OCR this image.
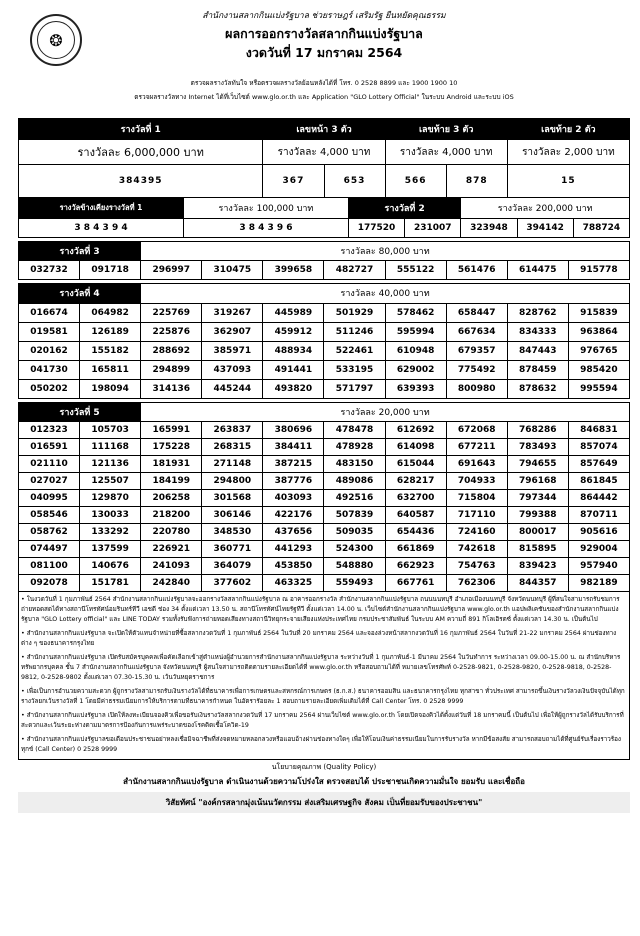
❂
สำนักงานสลากกินแบ่งรัฐบาล ช่วยราษฎร์ เสริมรัฐ ยืนหยัดคุณธรรม
ผลการออกรางวัลสลากกินแบ่งรัฐบาล
งวดวันที่ 17 มกราคม 2564
ตรวจผลรางวัลทันใจ หรือตรวจผลรางวัลย้อนหลังได้ที่ โทร. 0 2528 8899 และ 1900 1900 10
ตรวจผลรางวัลทาง Internet ได้ที่เว็บไซต์ www.glo.or.th และ Application "GLO Lottery Official" ในระบบ Android และระบบ iOS
รางวัลที่ 1	เลขหน้า 3 ตัว		เลขท้าย 3 ตัว		เลขท้าย 2 ตัว
รางวัลละ 6,000,000 บาท	รางวัลละ 4,000 บาท		รางวัลละ 4,000 บาท		รางวัลละ 2,000 บาท
384395	367	653	566	878	15
รางวัลข้างเคียงรางวัลที่ 1	รางวัลละ 100,000 บาท	รางวัลที่ 2		รางวัลละ 200,000 บาท		
3 8 4 3 9 4	3 8 4 3 9 6	177520	231007	323948	394142	788724
รางวัลที่ 3		รางวัลละ 80,000 บาท							
032732	091718	296997	310475	399658	482727	555122	561476	614475	915778
รางวัลที่ 4		รางวัลละ 40,000 บาท							
016674	064982	225769	319267	445989	501929	578462	658447	828762	915839
019581	126189	225876	362907	459912	511246	595994	667634	834333	963864
020162	155182	288692	385971	488934	522461	610948	679357	847443	976765
041730	165811	294899	437093	491441	533195	629002	775492	878459	985420
050202	198094	314136	445244	493820	571797	639393	800980	878632	995594
รางวัลที่ 5		รางวัลละ 20,000 บาท							
012323	105703	165991	263837	380696	478478	612692	672068	768286	846831
016591	111168	175228	268315	384411	478928	614098	677211	783493	857074
021110	121136	181931	271148	387215	483150	615044	691643	794655	857649
027027	125507	184199	294800	387776	489086	628217	704933	796168	861845
040995	129870	206258	301568	403093	492516	632700	715804	797344	864442
058546	130033	218200	306146	422176	507839	640587	717110	799388	870711
058762	133292	220780	348530	437656	509035	654436	724160	800017	905616
074497	137599	226921	360771	441293	524300	661869	742618	815895	929004
081100	140676	241093	364079	453850	548880	662923	754763	839423	957940
092078	151781	242840	377602	463325	559493	667761	762306	844357	982189

• ในงวดวันที่ 1 กุมภาพันธ์ 2564 สำนักงานสลากกินแบ่งรัฐบาลจะออกรางวัลสลากกินแบ่งรัฐบาล ณ อาคารออกรางวัล สำนักงานสลากกินแบ่งรัฐบาล ถนนนนทบุรี อำเภอเมืองนนทบุรี จังหวัดนนทบุรี ผู้ที่สนใจสามารถรับชมการถ่ายทอดสดได้ทางสถานีโทรทัศน์อมรินทร์ทีวี เอชดี ช่อง 34 ตั้งแต่เวลา 13.50 น. สถานีโทรทัศน์ไทยรัฐทีวี ตั้งแต่เวลา 14.00 น. เว็บไซต์สำนักงานสลากกินแบ่งรัฐบาล www.glo.or.th แอปพลิเคชันของสำนักงานสลากกินแบ่งรัฐบาล "GLO Lottery official" และ LINE TODAY รวมทั้งรับฟังการถ่ายทอดเสียงทางสถานีวิทยุกระจายเสียงแห่งประเทศไทย กรมประชาสัมพันธ์ ในระบบ AM ความถี่ 891 กิโลเฮิรตซ์ ตั้งแต่เวลา 14.30 น. เป็นต้นไป

• สำนักงานสลากกินแบ่งรัฐบาล จะเปิดให้ตัวแทนจำหน่ายที่ซื้อสลากงวดวันที่ 1 กุมภาพันธ์ 2564 ในวันที่ 20 มกราคม 2564 และจองล่วงหน้าสลากงวดวันที่ 16 กุมภาพันธ์ 2564 ในวันที่ 21-22 มกราคม 2564 ผ่านช่องทางต่าง ๆ ของธนาคารกรุงไทย

• สำนักงานสลากกินแบ่งรัฐบาล เปิดรับสมัครบุคคลเพื่อคัดเลือกเข้าสู่ตำแหน่งผู้อำนวยการสำนักงานสลากกินแบ่งรัฐบาล ระหว่างวันที่ 1 กุมภาพันธ์-1 มีนาคม 2564 ในวันทำการ ระหว่างเวลา 09.00-15.00 น. ณ สำนักบริหารทรัพยากรบุคคล ชั้น 7 สำนักงานสลากกินแบ่งรัฐบาล จังหวัดนนทบุรี ผู้สนใจสามารถติดตามรายละเอียดได้ที่ www.glo.or.th หรือสอบถามได้ที่ หมายเลขโทรศัพท์ 0-2528-9821, 0-2528-9820, 0-2528-9818, 0-2528-9812, 0-2528-9802 ตั้งแต่เวลา 07.30-15.30 น. เว้นวันหยุดราชการ

• เพื่อเป็นการอำนวยความสะดวก ผู้ถูกรางวัลสามารถรับเงินรางวัลได้ที่ธนาคารเพื่อการเกษตรและสหกรณ์การเกษตร (ธ.ก.ส.) ธนาคารออมสิน และธนาคารกรุงไทย ทุกสาขา ทั่วประเทศ สามารถขึ้นเงินรางวัลวงเงินปัจจุบันได้ทุกรางวัลยกเว้นรางวัลที่ 1 โดยมีค่าธรรมเนียมการให้บริการตามที่ธนาคารกำหนด ในอัตรารัอยละ 1 สอบถามรายละเอียดเพิ่มเติมได้ที่ Call Center โทร. 0 2528 9999

• สำนักงานสลากกินแบ่งรัฐบาล เปิดให้ลงทะเบียนจองคิวเพื่อขอรับเงินรางวัลสลากงวดวันที่ 17 มกราคม 2564 ผ่านเว็บไซต์ www.glo.or.th โดยเปิดจองคิวได้ตั้งแต่วันที่ 18 มกราคมนี้ เป็นต้นไป เพื่อให้ผู้ถูกรางวัลได้รับบริการที่สะดวกและเว้นระยะห่างตามมาตรการป้องกันการแพร่ระบาดของโรคติดเชื้อโควิด-19

• สำนักงานสลากกินแบ่งรัฐบาลขอเตือนประชาชนอย่าหลงเชื่อมิจฉาชีพที่ส่งจดหมายหลอกลวงหรือแอบอ้างผ่านช่องทางใดๆ เพื่อให้โอนเงินค่าธรรมเนียมในการรับรางวัล หากมีข้อสงสัย สามารถสอบถามได้ที่ศูนย์รับเรื่องราวร้องทุกข์ (Call Center) 0 2528 9999

นโยบายคุณภาพ (Quality Policy)
สำนักงานสลากกินแบ่งรัฐบาล ดำเนินงานด้วยความโปร่งใส ตรวจสอบได้ ประชาชนเกิดความมั่นใจ ยอมรับ และเชื่อถือ
วิสัยทัศน์ "องค์กรสลากมุ่งเน้นนวัตกรรม ส่งเสริมเศรษฐกิจ สังคม เป็นที่ยอมรับของประชาชน"
